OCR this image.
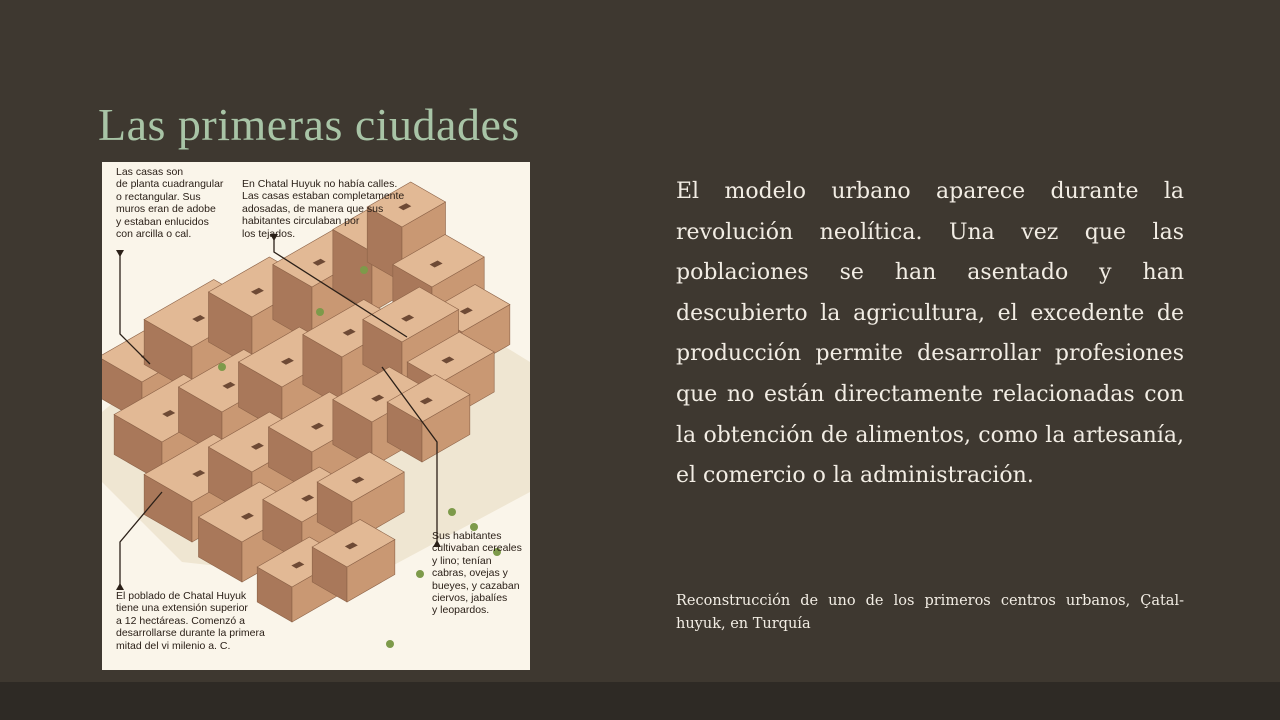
Las primeras ciudades

Las casas son
de planta cuadrangular
o rectangular. Sus
muros eran de adobe
y estaban enlucidos
con arcilla o cal.

En Chatal Huyuk no había calles.
Las casas estaban completamente
adosadas, de manera que sus
habitantes circulaban por
los tejados.

Sus habitantes
cultivaban cereales
y lino; tenían
cabras, ovejas y
bueyes, y cazaban
ciervos, jabalíes
y leopardos.

El poblado de Chatal Huyuk
tiene una extensión superior
a 12 hectáreas. Comenzó a
desarrollarse durante la primera
mitad del vi milenio a. C.

El modelo urbano aparece durante la revolución neolítica. Una vez que las poblaciones se han asentado y han descubierto la agricultura, el excedente de producción permite desarrollar profesiones que no están directamente relacionadas con la obtención de alimentos, como la artesanía, el comercio o la administración.

Reconstrucción de uno de los primeros centros urbanos, Çatal-huyuk, en Turquía
